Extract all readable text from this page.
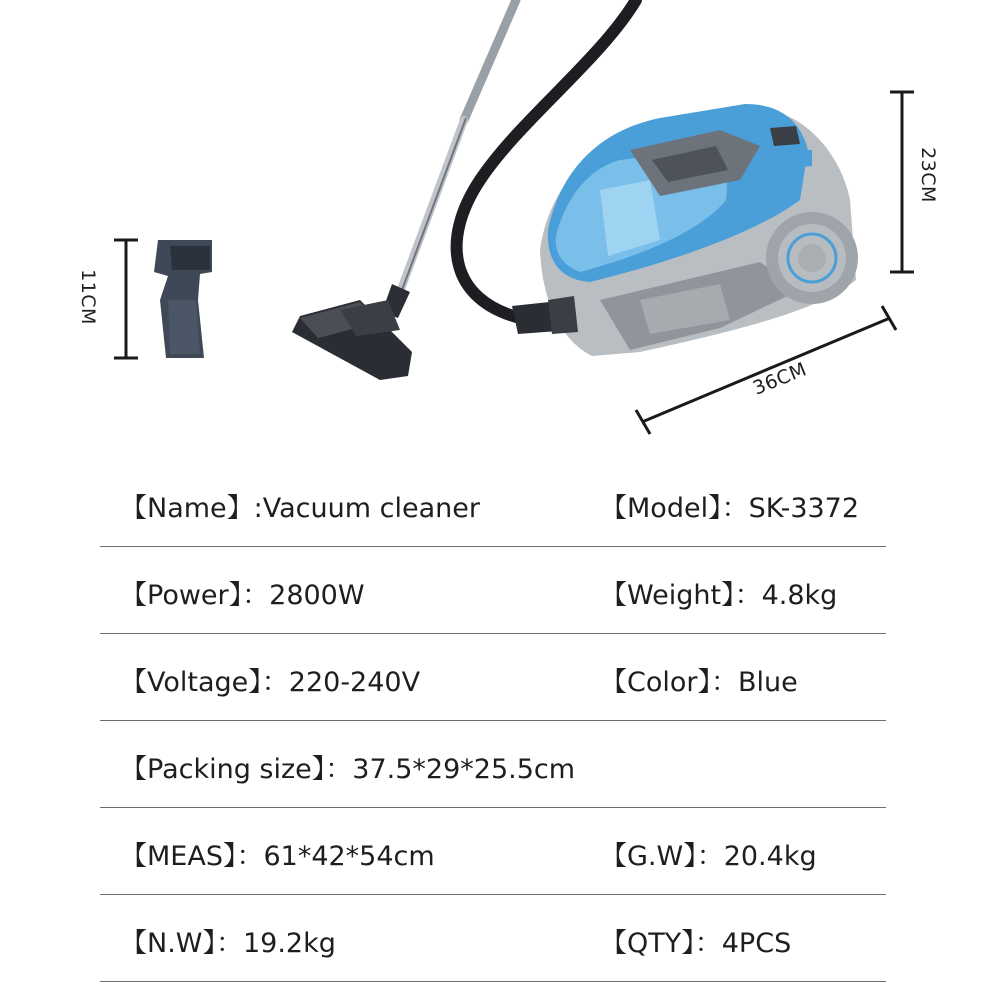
11CM
23CM
36CM
【Name】:Vacuum cleaner	【Model】：SK-3372
【Power】：2800W	【Weight】：4.8kg
【Voltage】：220-240V	【Color】：Blue
【Packing size】：37.5*29*25.5cm
【MEAS】：61*42*54cm	【G.W】：20.4kg
【N.W】：19.2kg	【QTY】：4PCS
